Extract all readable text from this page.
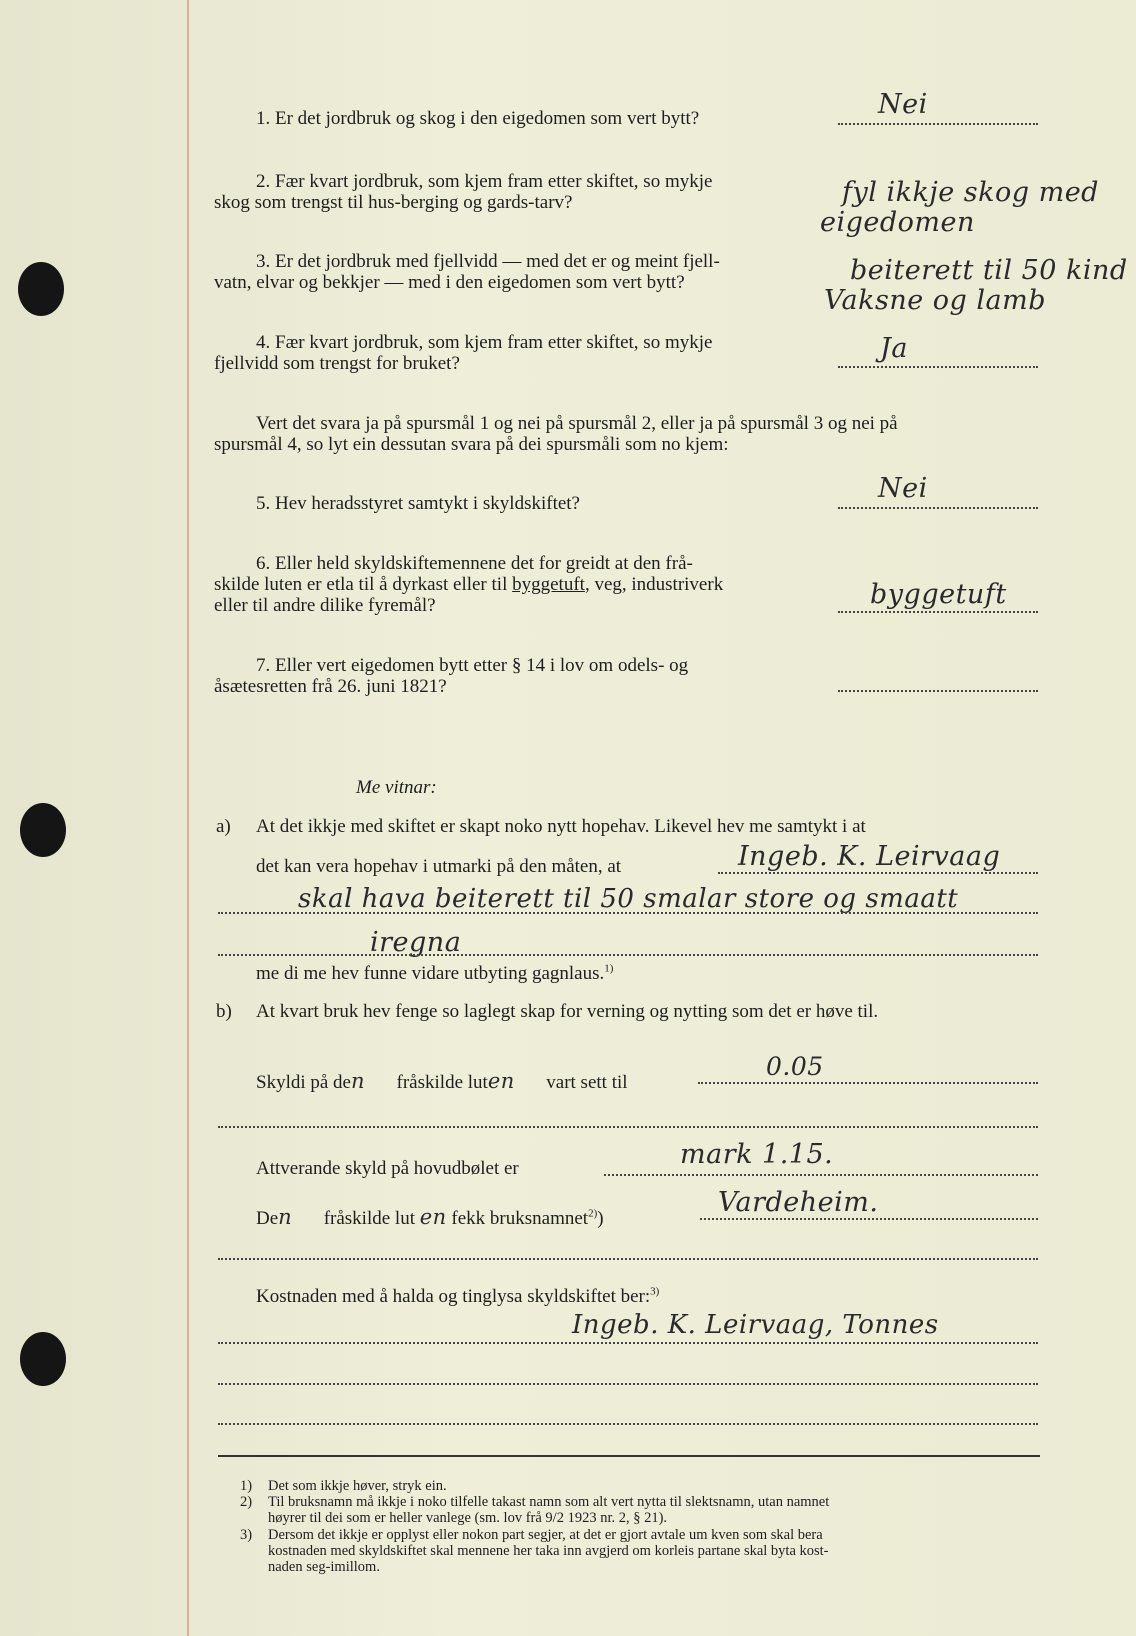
1. Er det jordbruk og skog i den eigedomen som vert bytt?	Nei
2. Fær kvart jordbruk, som kjem fram etter skiftet, so mykje
skog som trengst til hus-berging og gards-tarv?	fyl ikkje skog med
eigedomen
3. Er det jordbruk med fjellvidd — med det er og meint fjell-
vatn, elvar og bekkjer — med i den eigedomen som vert bytt?	beiterett til 50 kind
Vaksne og lamb
4. Fær kvart jordbruk, som kjem fram etter skiftet, so mykje
fjellvidd som trengst for bruket?	Ja
Vert det svara ja på spursmål 1 og nei på spursmål 2, eller ja på spursmål 3 og nei på
spursmål 4, so lyt ein dessutan svara på dei spursmåli som no kjem:
5. Hev heradsstyret samtykt i skyldskiftet?	Nei
6. Eller held skyldskiftemennene det for greidt at den frå-
skilde luten er etla til å dyrkast eller til byggetuft, veg, industriverk
eller til andre dilike fyremål?	byggetuft
7. Eller vert eigedomen bytt etter § 14 i lov om odels- og
åsætesretten frå 26. juni 1821?
Me vitnar:
a) At det ikkje med skiftet er skapt noko nytt hopehav. Likevel hev me samtykt i at
det kan vera hopehav i utmarki på den måten, at	Ingeb. K. Leirvaag
skal hava beiterett til 50 smalar store og smaatt
iregna
me di me hev funne vidare utbyting gagnlaus.$^{1)}$
b) At kvart bruk hev fenge so laglegt skap for verning og nytting som det er høve til.
Skyldi på den fråskilde luten vart sett til
0.05
Attverande skyld på hovudbølet er	mark 1.15.
Den fråskilde lut en fekk bruksnamnet$^{2)}$)
Vardeheim.
Kostnaden med å halda og tinglysa skyldskiftet ber:$^{3)}$
Ingeb. K. Leirvaag, Tonnes
1) Det som ikkje høver, stryk ein.
2) Til bruksnamn må ikkje i noko tilfelle takast namn som alt vert nytta til slektsnamn, utan namnet
høyrer til dei som er heller vanlege (sm. lov frå 9/2 1923 nr. 2, § 21).
3) Dersom det ikkje er opplyst eller nokon part segjer, at det er gjort avtale um kven som skal bera
kostnaden med skyldskiftet skal mennene her taka inn avgjerd om korleis partane skal byta kost-
naden seg-imillom.
